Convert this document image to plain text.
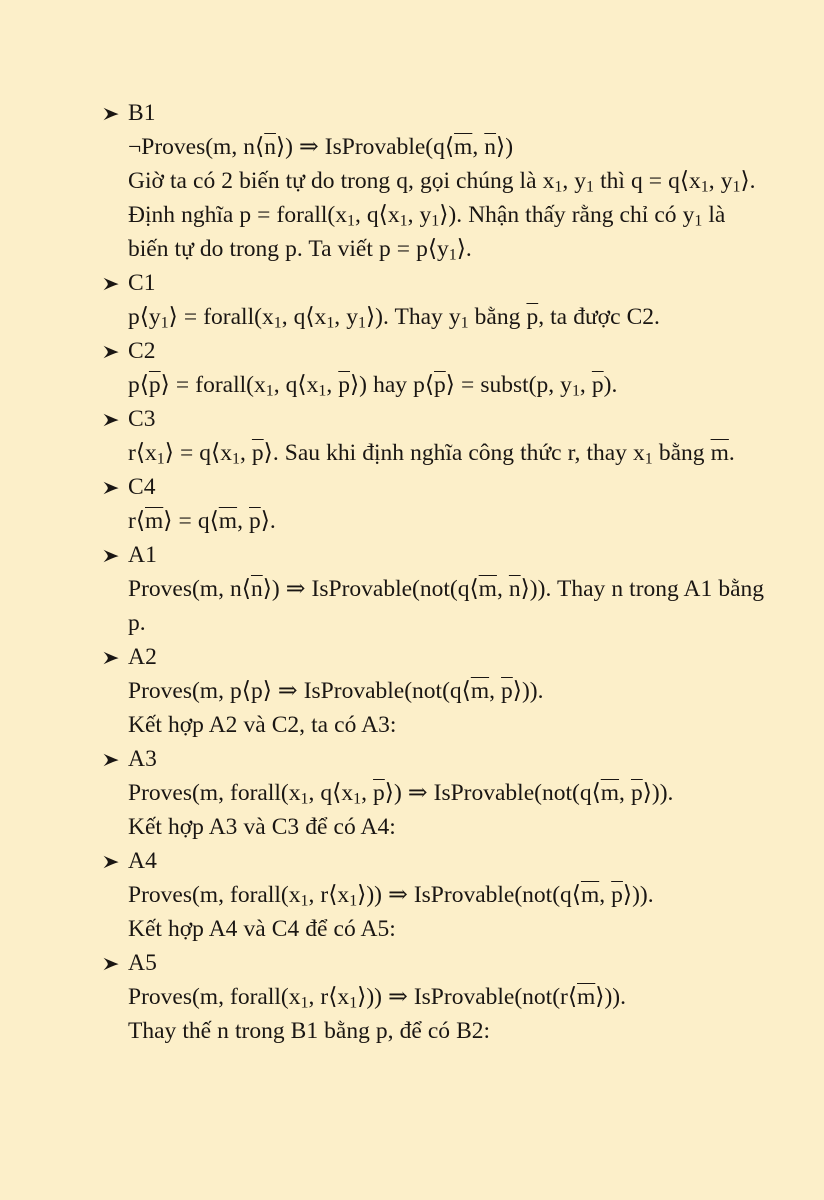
B1
¬Proves(m, $n⟨\overline{n}⟩$) ⇒ $IsProvable(q⟨\overline{m}$, $\overline{n}⟩$)
Giờ ta có 2 biến tự do trong q, gọi chúng là $x_1$, $y_1$ thì $q = q⟨x_1$, $y_1⟩$.
Định nghĩa $p = forall(x_1$, $q⟨x_1$, $y_1⟩$). Nhận thấy rằng chỉ có $y_1$ là biến tự do trong p. Ta viết $p = p⟨y_1⟩$.
C1
$p⟨y_1⟩$ = $forall(x_1$, $q⟨x_1$, $y_1⟩$). Thay $y_1$ bằng $\overline{p}$, ta được C2.
C2
$p⟨\overline{p}⟩$ = $forall(x_1$, $q⟨x_1$, $\overline{p}⟩$) hay $p⟨\overline{p}⟩$ = subst(p, $y_1$, $\overline{p}$).
C3
$r⟨x_1⟩$ = $q⟨x_1$, $\overline{p}⟩$. Sau khi định nghĩa công thức r, thay $x_1$ bằng $\overline{m}$.
C4
$r⟨\overline{m}⟩$ = $q⟨\overline{m}$, $\overline{p}⟩$.
A1
Proves(m, $n⟨\overline{n}⟩$) ⇒ $IsProvable(not(q⟨\overline{m}$, $\overline{n}⟩$)). Thay n trong A1 bằng p.
A2
Proves(m, p⟨p⟩ ⇒ $IsProvable(not(q⟨\overline{m}$, $\overline{p}⟩$)).
Kết hợp A2 và C2, ta có A3:
A3
Proves(m, $forall(x_1$, $q⟨x_1$, $\overline{p}⟩$) ⇒ $IsProvable(not(q⟨\overline{m}$, $\overline{p}⟩$)).
Kết hợp A3 và C3 để có A4:
A4
Proves(m, $forall(x_1$, $r⟨x_1⟩$)) ⇒ $IsProvable(not(q⟨\overline{m}$, $\overline{p}⟩$)).
Kết hợp A4 và C4 để có A5:
A5
Proves(m, $forall(x_1$, $r⟨x_1⟩$)) ⇒ $IsProvable(not(r⟨\overline{m}⟩))$.
Thay thế n trong B1 bằng p, để có B2:
